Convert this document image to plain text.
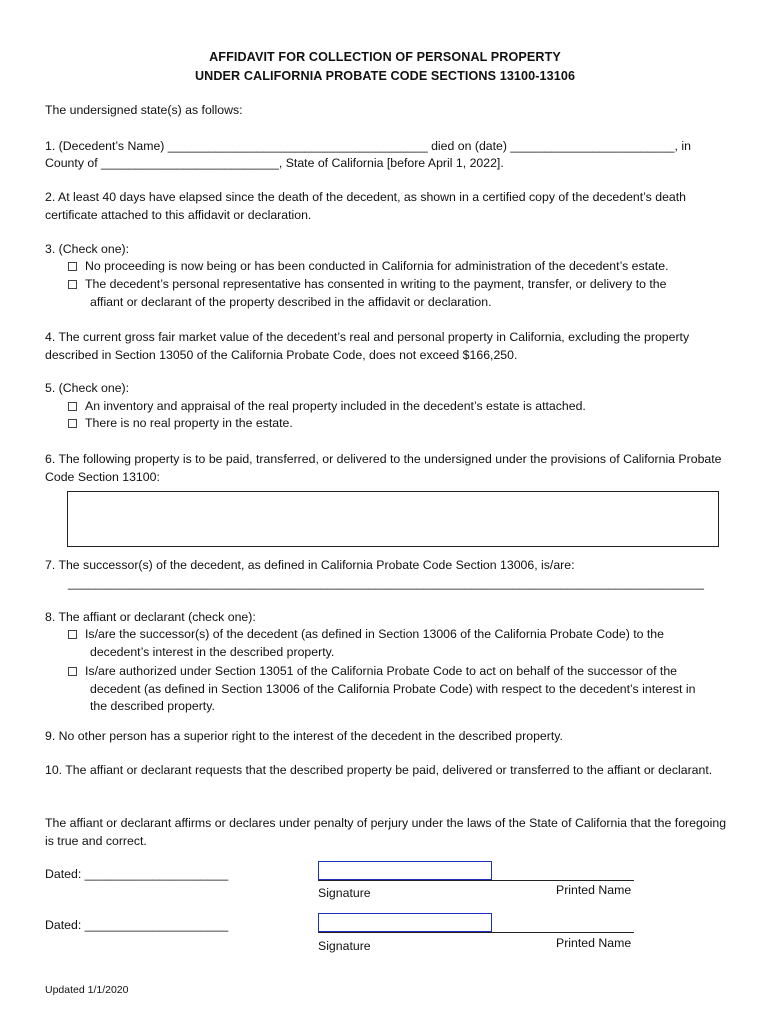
AFFIDAVIT FOR COLLECTION OF PERSONAL PROPERTY
UNDER CALIFORNIA PROBATE CODE SECTIONS 13100-13106
The undersigned state(s) as follows:
1. (Decedent’s Name) ______________________________________ died on (date) ________________________, in
County of __________________________, State of California [before April 1, 2022].
2. At least 40 days have elapsed since the death of the decedent, as shown in a certified copy of the decedent’s death certificate attached to this affidavit or declaration.
3. (Check one):
No proceeding is now being or has been conducted in California for administration of the decedent’s estate.
The decedent’s personal representative has consented in writing to the payment, transfer, or delivery to the
affiant or declarant of the property described in the affidavit or declaration.
4. The current gross fair market value of the decedent’s real and personal property in California, excluding the property described in Section 13050 of the California Probate Code, does not exceed $166,250.
5. (Check one):
An inventory and appraisal of the real property included in the decedent’s estate is attached.
There is no real property in the estate.
6. The following property is to be paid, transferred, or delivered to the undersigned under the provisions of California Probate Code Section 13100:
7. The successor(s) of the decedent, as defined in California Probate Code Section 13006, is/are:
_____________________________________________________________________________________________
8. The affiant or declarant (check one):
Is/are the successor(s) of the decedent (as defined in Section 13006 of the California Probate Code) to the
decedent’s interest in the described property.
Is/are authorized under Section 13051 of the California Probate Code to act on behalf of the successor of the
decedent (as defined in Section 13006 of the California Probate Code) with respect to the decedent’s interest in
the described property.
9. No other person has a superior right to the interest of the decedent in the described property.
10. The affiant or declarant requests that the described property be paid, delivered or transferred to the affiant or declarant.
The affiant or declarant affirms or declares under penalty of perjury under the laws of the State of California that the foregoing is true and correct.
Dated: _____________________
Signature	Printed Name
Dated: _____________________
Signature	Printed Name
Updated 1/1/2020
